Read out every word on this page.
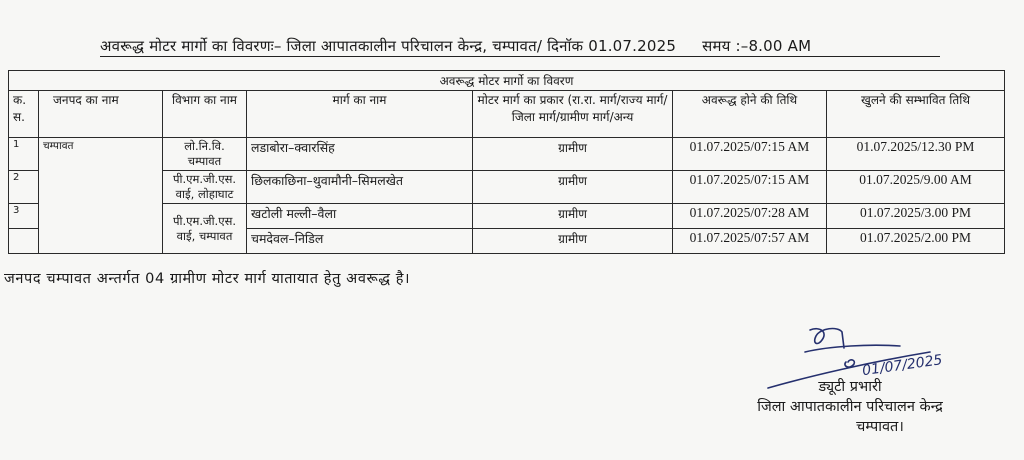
अवरूद्ध मोटर मार्गो का विवरणः– जिला आपातकालीन परिचालन केन्द्र, चम्पावत/ दिनॉक 01.07.2025 समय :–8.00 AM
अवरूद्ध मोटर मार्गो का विवरण						
क. स.	जनपद का नाम	विभाग का नाम	मार्ग का नाम	मोटर मार्ग का प्रकार (रा.रा. मार्ग/राज्य मार्ग/जिला मार्ग/ग्रामीण मार्ग/अन्य	अवरूद्ध होने की तिथि	खुलने की सम्भावित तिथि
1	चम्पावत	लो.नि.वि. चम्पावत	लडाबोरा–क्वारसिंह	ग्रामीण	01.07.2025/07:15 AM	01.07.2025/12.30 PM
2		पी.एम.जी.एस. वाई, लोहाघाट	छिलकाछिना–थुवामौनी–सिमलखेत	ग्रामीण	01.07.2025/07:15 AM	01.07.2025/9.00 AM
3		पी.एम.जी.एस. वाई, चम्पावत	खटोली मल्ली–वैला	ग्रामीण	01.07.2025/07:28 AM	01.07.2025/3.00 PM
			चमदेवल–निडिल	ग्रामीण	01.07.2025/07:57 AM	01.07.2025/2.00 PM
जनपद चम्पावत अन्तर्गत 04 ग्रामीण मोटर मार्ग यातायात हेतु अवरूद्ध है।
01/07/2025
ड्यूटी प्रभारी
जिला आपातकालीन परिचालन केन्द्र
चम्पावत।
